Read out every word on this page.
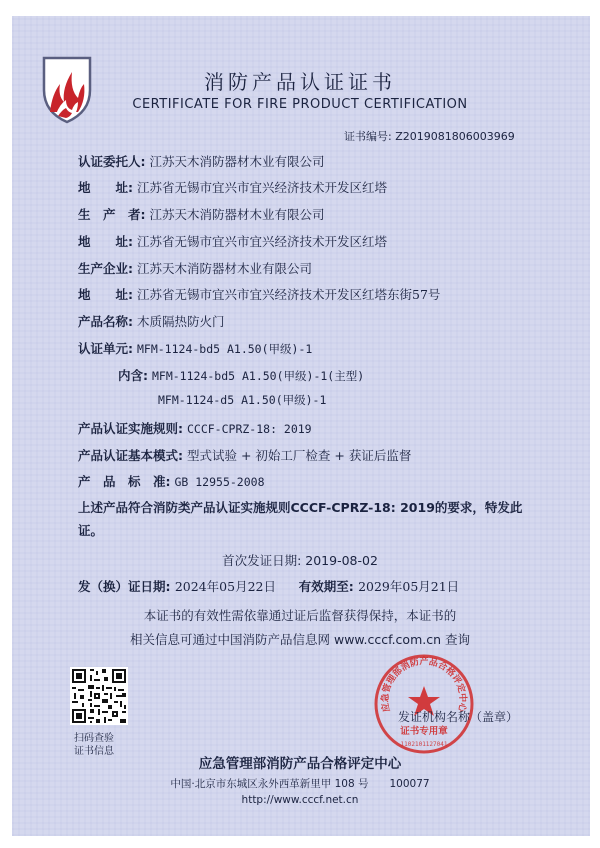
消防产品认证证书
CERTIFICATE FOR FIRE PRODUCT CERTIFICATION
证书编号: Z2019081806003969
认证委托人: 江苏天木消防器材木业有限公司
地　　址: 江苏省无锡市宜兴市宜兴经济技术开发区红塔
生　产　者: 江苏天木消防器材木业有限公司
地　　址: 江苏省无锡市宜兴市宜兴经济技术开发区红塔
生产企业: 江苏天木消防器材木业有限公司
地　　址: 江苏省无锡市宜兴市宜兴经济技术开发区红塔东街57号
产品名称: 木质隔热防火门
认证单元: MFM-1124-bd5 A1.50(甲级)-1
内含: MFM-1124-bd5 A1.50(甲级)-1(主型)
MFM-1124-d5 A1.50(甲级)-1
产品认证实施规则: CCCF-CPRZ-18: 2019
产品认证基本模式: 型式试验 + 初始工厂检查 + 获证后监督
产　品　标　准: GB 12955-2008
上述产品符合消防类产品认证实施规则CCCF-CPRZ-18: 2019的要求，特发此证。
首次发证日期: 2019-08-02
发（换）证日期: 2024年05月22日 有效期至: 2029年05月21日
本证书的有效性需依靠通过证后监督获得保持，本证书的
相关信息可通过中国消防产品信息网 www.cccf.com.cn 查询
扫码查验
证书信息
应急管理部消防产品合格评定中心
证书专用章
1102101127041
发证机构名称（盖章）
应急管理部消防产品合格评定中心
中国·北京市东城区永外西革新里甲 108 号　　100077
http://www.cccf.net.cn
